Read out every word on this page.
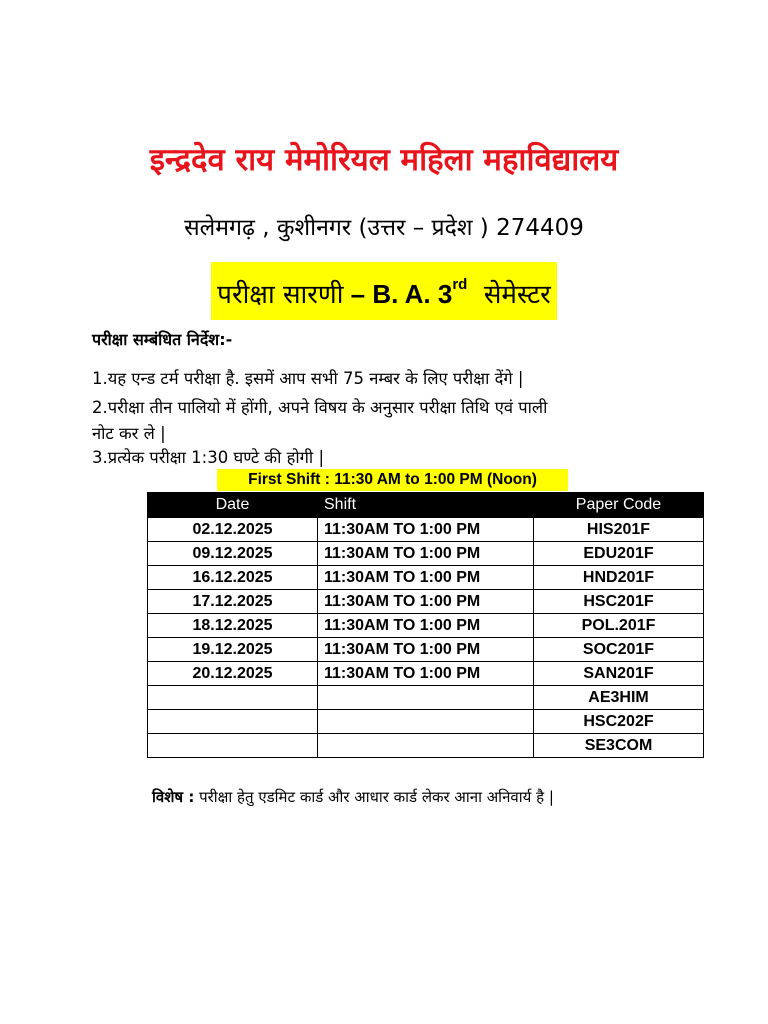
इन्द्रदेव राय मेमोरियल महिला महाविद्यालय
सलेमगढ़ , कुशीनगर (उत्तर – प्रदेश ) 274409
परीक्षा सारणी – B. A. 3rd सेमेस्टर
परीक्षा सम्बंधित निर्देश:-
1.यह एन्ड टर्म परीक्षा है. इसमें आप सभी 75 नम्बर के लिए परीक्षा देंगे |
2.परीक्षा तीन पालियो में होंगी, अपने विषय के अनुसार परीक्षा तिथि एवं पाली
नोट कर ले |
3.प्रत्येक परीक्षा 1:30 घण्टे की होगी |
First Shift : 11:30 AM to 1:00 PM (Noon)
Date	Shift	Paper Code
02.12.2025	11:30AM TO 1:00 PM	HIS201F
09.12.2025	11:30AM TO 1:00 PM	EDU201F
16.12.2025	11:30AM TO 1:00 PM	HND201F
17.12.2025	11:30AM TO 1:00 PM	HSC201F
18.12.2025	11:30AM TO 1:00 PM	POL.201F
19.12.2025	11:30AM TO 1:00 PM	SOC201F
20.12.2025	11:30AM TO 1:00 PM	SAN201F
		AE3HIM
		HSC202F
		SE3COM
विशेष : परीक्षा हेतु एडमिट कार्ड और आधार कार्ड लेकर आना अनिवार्य है |
